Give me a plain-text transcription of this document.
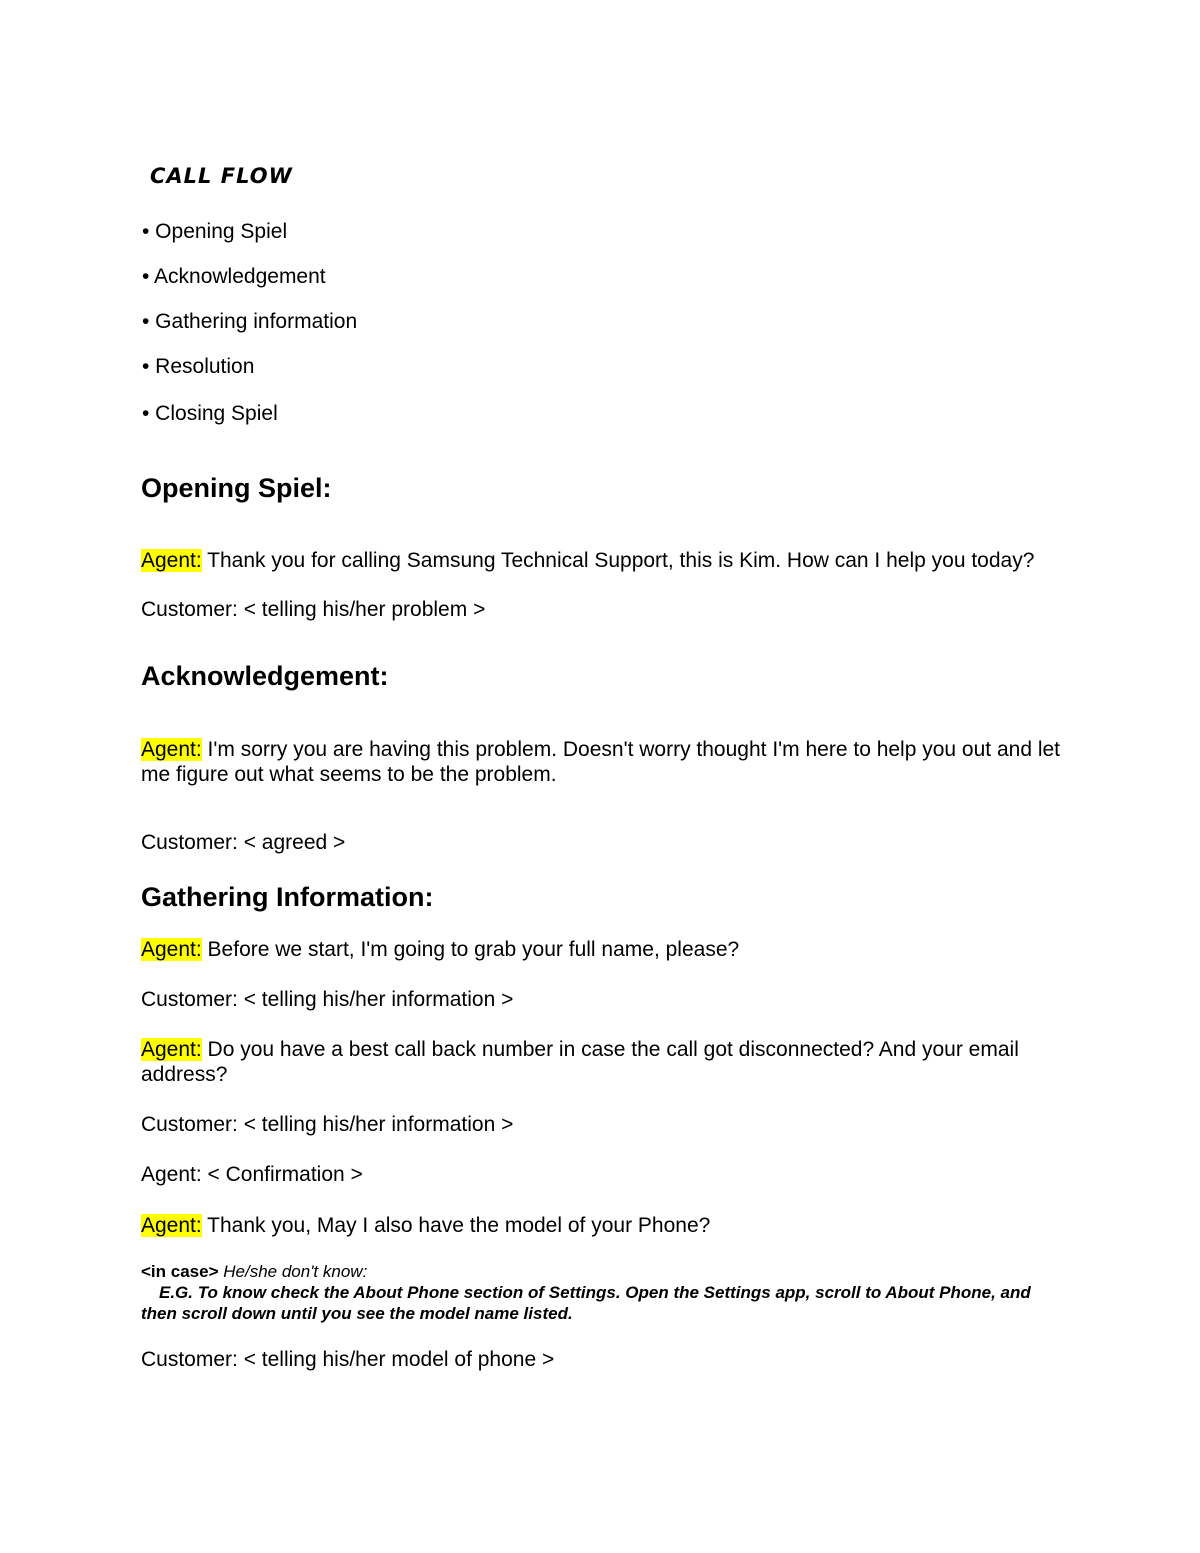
CALL FLOW
• Opening Spiel
• Acknowledgement
• Gathering information
• Resolution
• Closing Spiel
Opening Spiel:
Agent: Thank you for calling Samsung Technical Support, this is Kim. How can I help you today?
Customer: < telling his/her problem >
Acknowledgement:
Agent: I'm sorry you are having this problem. Doesn't worry thought I'm here to help you out and let me figure out what seems to be the problem.
Customer: < agreed >
Gathering Information:
Agent: Before we start, I'm going to grab your full name, please?
Customer: < telling his/her information >
Agent: Do you have a best call back number in case the call got disconnected? And your email address?
Customer: < telling his/her information >
Agent: < Confirmation >
Agent: Thank you, May I also have the model of your Phone?
<in case> He/she don't know:
E.G. To know check the About Phone section of Settings. Open the Settings app, scroll to About Phone, and then scroll down until you see the model name listed.
Customer: < telling his/her model of phone >
